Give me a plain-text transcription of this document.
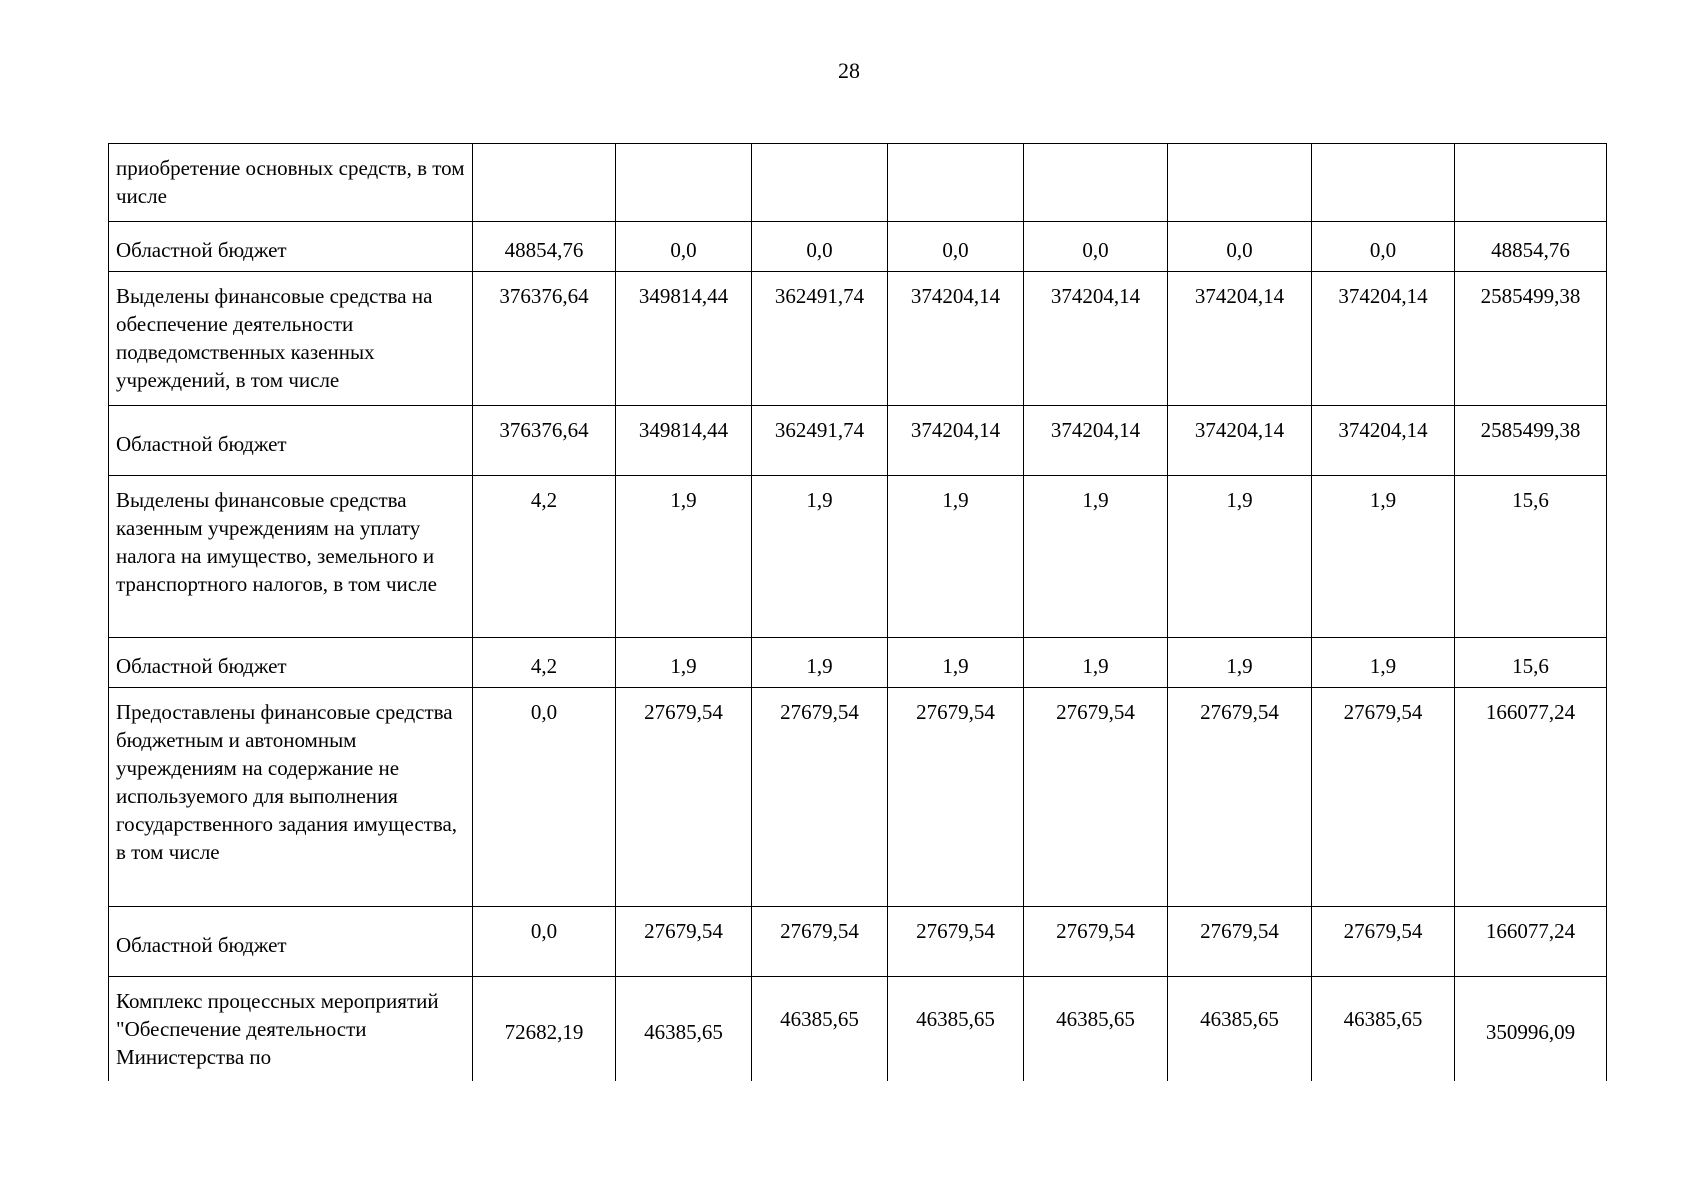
28
приобретение основных средств, в том числе								
Областной бюджет	48854,76	0,0	0,0	0,0	0,0	0,0	0,0	48854,76
Выделены финансовые средства на обеспечение деятельности подведомственных казенных учреждений, в том числе	376376,64	349814,44	362491,74	374204,14	374204,14	374204,14	374204,14	2585499,38
Областной бюджет	376376,64	349814,44	362491,74	374204,14	374204,14	374204,14	374204,14	2585499,38
Выделены финансовые средства казенным учреждениям на уплату налога на имущество, земельного и транспортного налогов, в том числе	4,2	1,9	1,9	1,9	1,9	1,9	1,9	15,6
Областной бюджет	4,2	1,9	1,9	1,9	1,9	1,9	1,9	15,6
Предоставлены финансовые средства бюджетным и автономным учреждениям на содержание не используемого для выполнения государственного задания имущества, в том числе	0,0	27679,54	27679,54	27679,54	27679,54	27679,54	27679,54	166077,24
Областной бюджет	0,0	27679,54	27679,54	27679,54	27679,54	27679,54	27679,54	166077,24
Комплекс процессных мероприятий "Обеспечение деятельности Министерства по	72682,19	46385,65	46385,65	46385,65	46385,65	46385,65	46385,65	350996,09
